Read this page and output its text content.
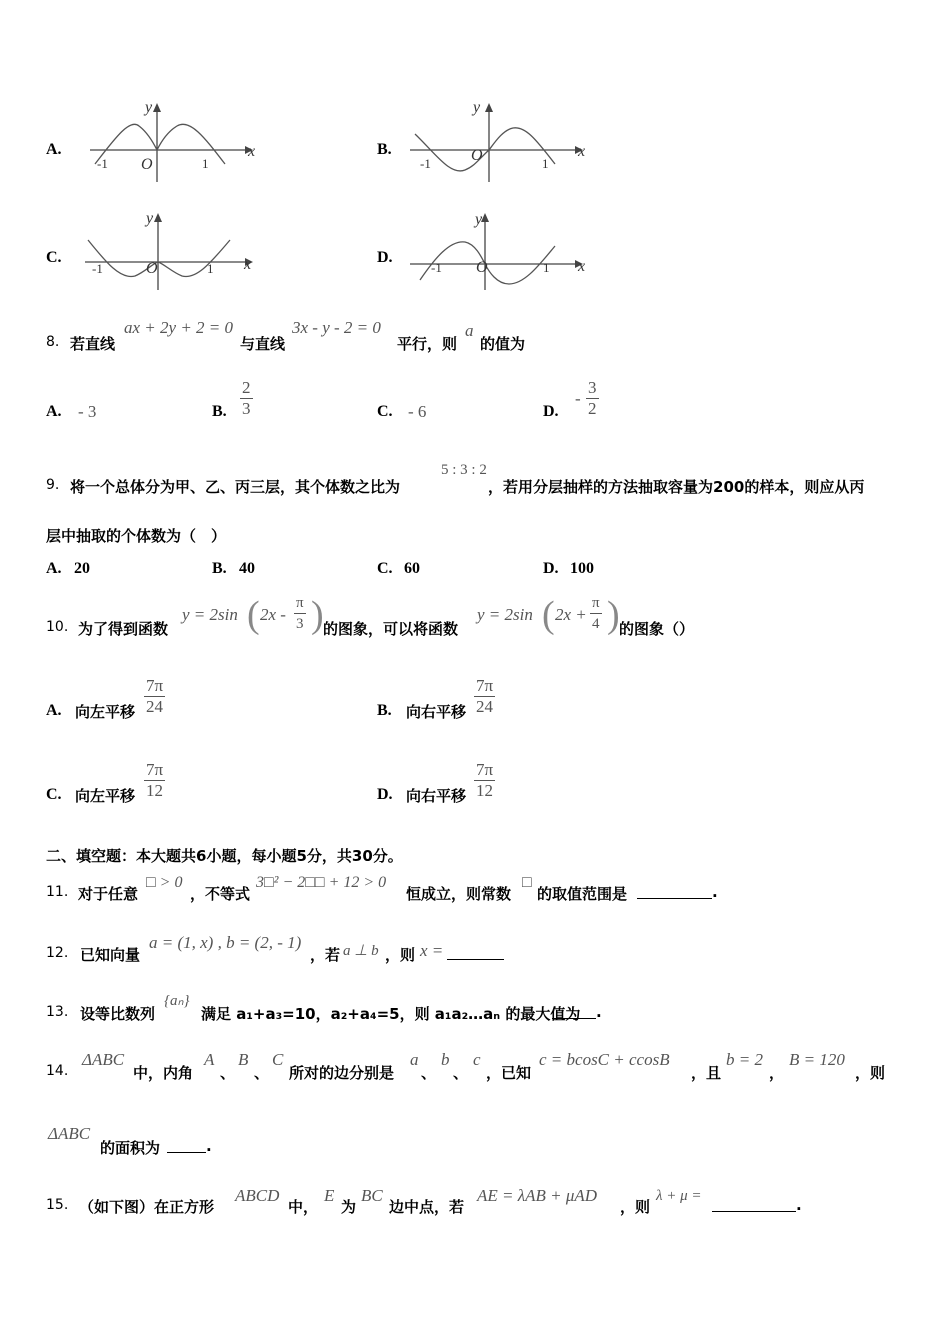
A.
y
x
-1 O	1
B.
y
x
-1	O	1
C.
y
x
-1	O	1
D.
y
x
-1 O	1
8. 若直线
ax + 2y + 2 = 0
与直线
3x - y - 2 = 0
平行，则
a
的值为
A. - 3	B. $\frac{2}{3}$	C. - 6	D.
- $\frac{3}{2}$
9. 将一个总体分为甲、乙、丙三层，其个体数之比为
5 : 3 : 2
，若用分层抽样的方法抽取容量为200的样本，则应从丙
层中抽取的个体数为（　）
A. 20	B. 40	C. 60	D. 100
10. 为了得到函数
y = 2sin ( $2x - \frac{\pi}{3}$ ) 的图象，可以将函数
y = 2sin ( $2x + \frac{\pi}{4}$ ) 的图象（）
A. 向左平移 $\frac{7\pi}{24}$	B. 向右平移 $\frac{7\pi}{24}$
C. 向左平移 $\frac{7\pi}{12}$	D. 向右平移 $\frac{7\pi}{12}$
二、填空题：本大题共6小题，每小题5分，共30分。
11. 对于任意
□ > 0
，不等式
3□² − 2□□ + 12 > 0
恒成立，则常数
□
的取值范围是	.
12. 已知向量
a = (1, x) , b = (2, - 1)
，若 a ⊥ b ，则 x =
13. 设等比数列
{aₙ}
满足 a₁+a₃=10，a₂+a₄=5，则 a₁a₂…aₙ 的最大值为 .
14.
ΔABC
中，内角
A
、
B
、
C
所对的边分别是
a
、
b
、
c
，已知
c = bcosC + ccosB
，且
b = 2
，
B = 120
，则
ΔABC
的面积为	.
15. （如下图）在正方形
ABCD
中，
E
为
BC
边中点，若
AE = λAB + μAD
，则
λ + μ =	.
